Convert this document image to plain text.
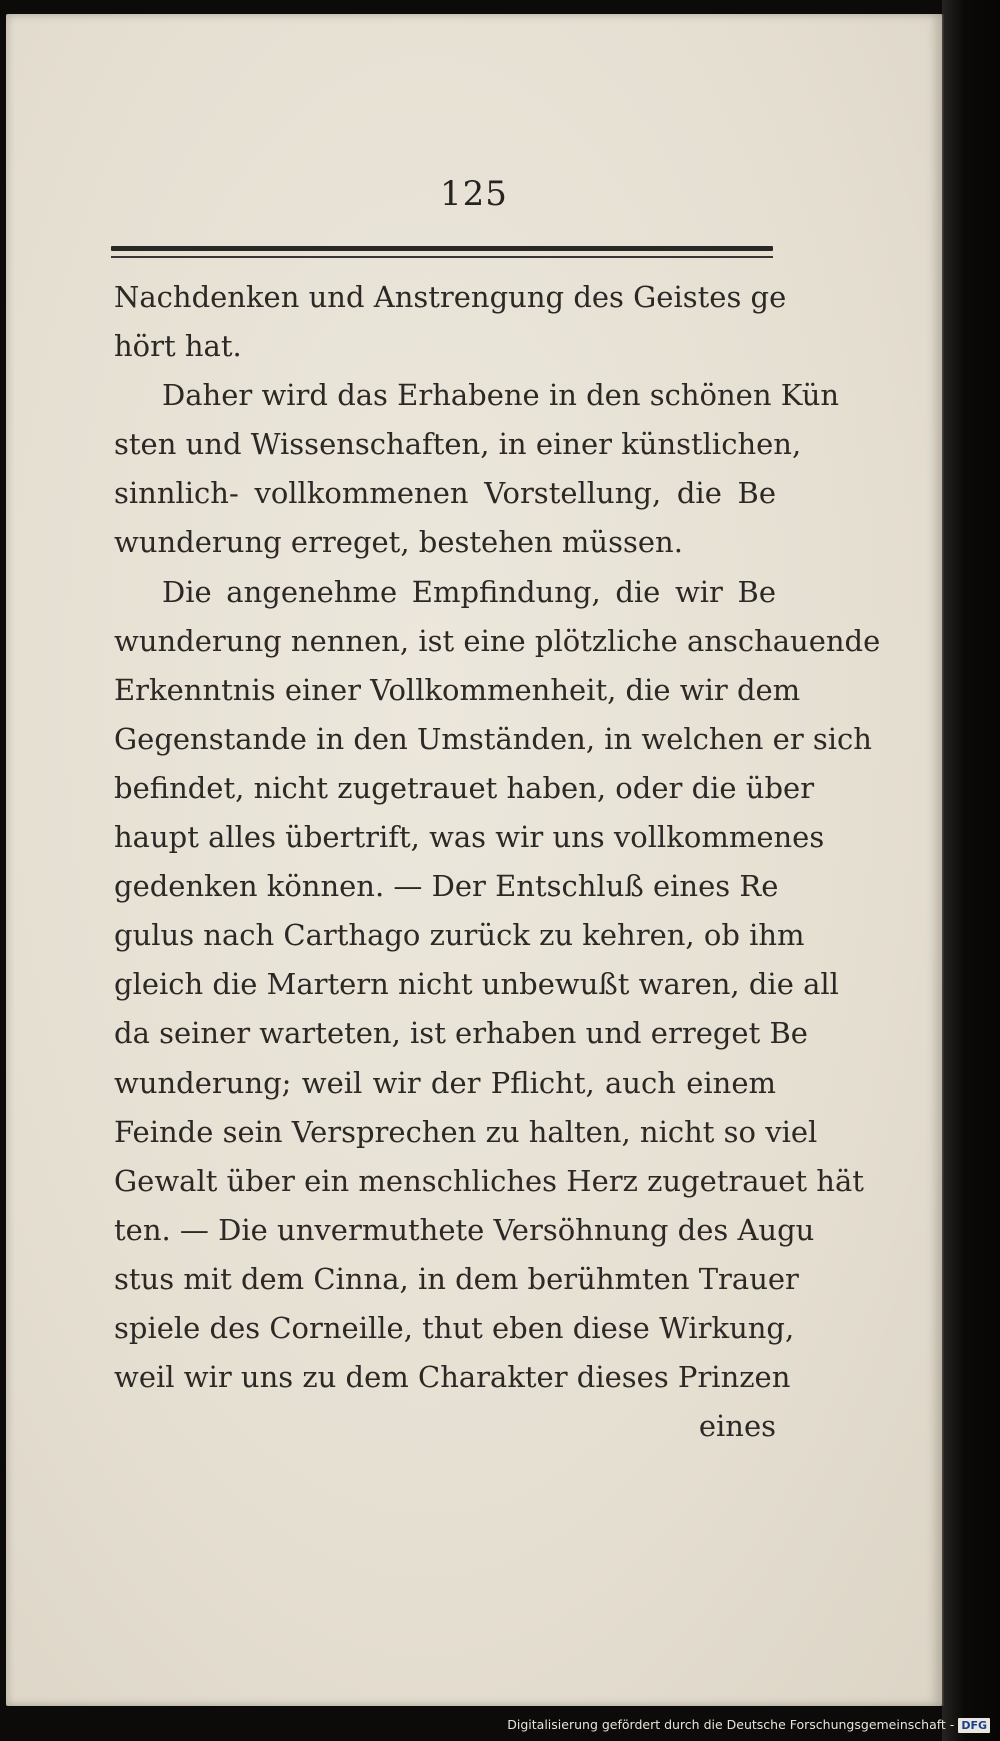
125
Nachdenken und Anstrengung des Geistes ge
hört hat.
Daher wird das Erhabene in den schönen Kün
sten und Wissenschaften, in einer künstlichen,
sinnlich- vollkommenen Vorstellung, die Be
wunderung erreget, bestehen müssen.
Die angenehme Empfindung, die wir Be
wunderung nennen, ist eine plötzliche anschauende
Erkenntnis einer Vollkommenheit, die wir dem
Gegenstande in den Umständen, in welchen er sich
befindet, nicht zugetrauet haben, oder die über
haupt alles übertrift, was wir uns vollkommenes
gedenken können. — Der Entschluß eines Re
gulus nach Carthago zurück zu kehren, ob ihm
gleich die Martern nicht unbewußt waren, die all
da seiner warteten, ist erhaben und erreget Be
wunderung; weil wir der Pflicht, auch einem
Feinde sein Versprechen zu halten, nicht so viel
Gewalt über ein menschliches Herz zugetrauet hät
ten. — Die unvermuthete Versöhnung des Augu
stus mit dem Cinna, in dem berühmten Trauer
spiele des Corneille, thut eben diese Wirkung,
weil wir uns zu dem Charakter dieses Prinzen
eines
Digitalisierung gefördert durch die Deutsche Forschungsgemeinschaft - DFG
